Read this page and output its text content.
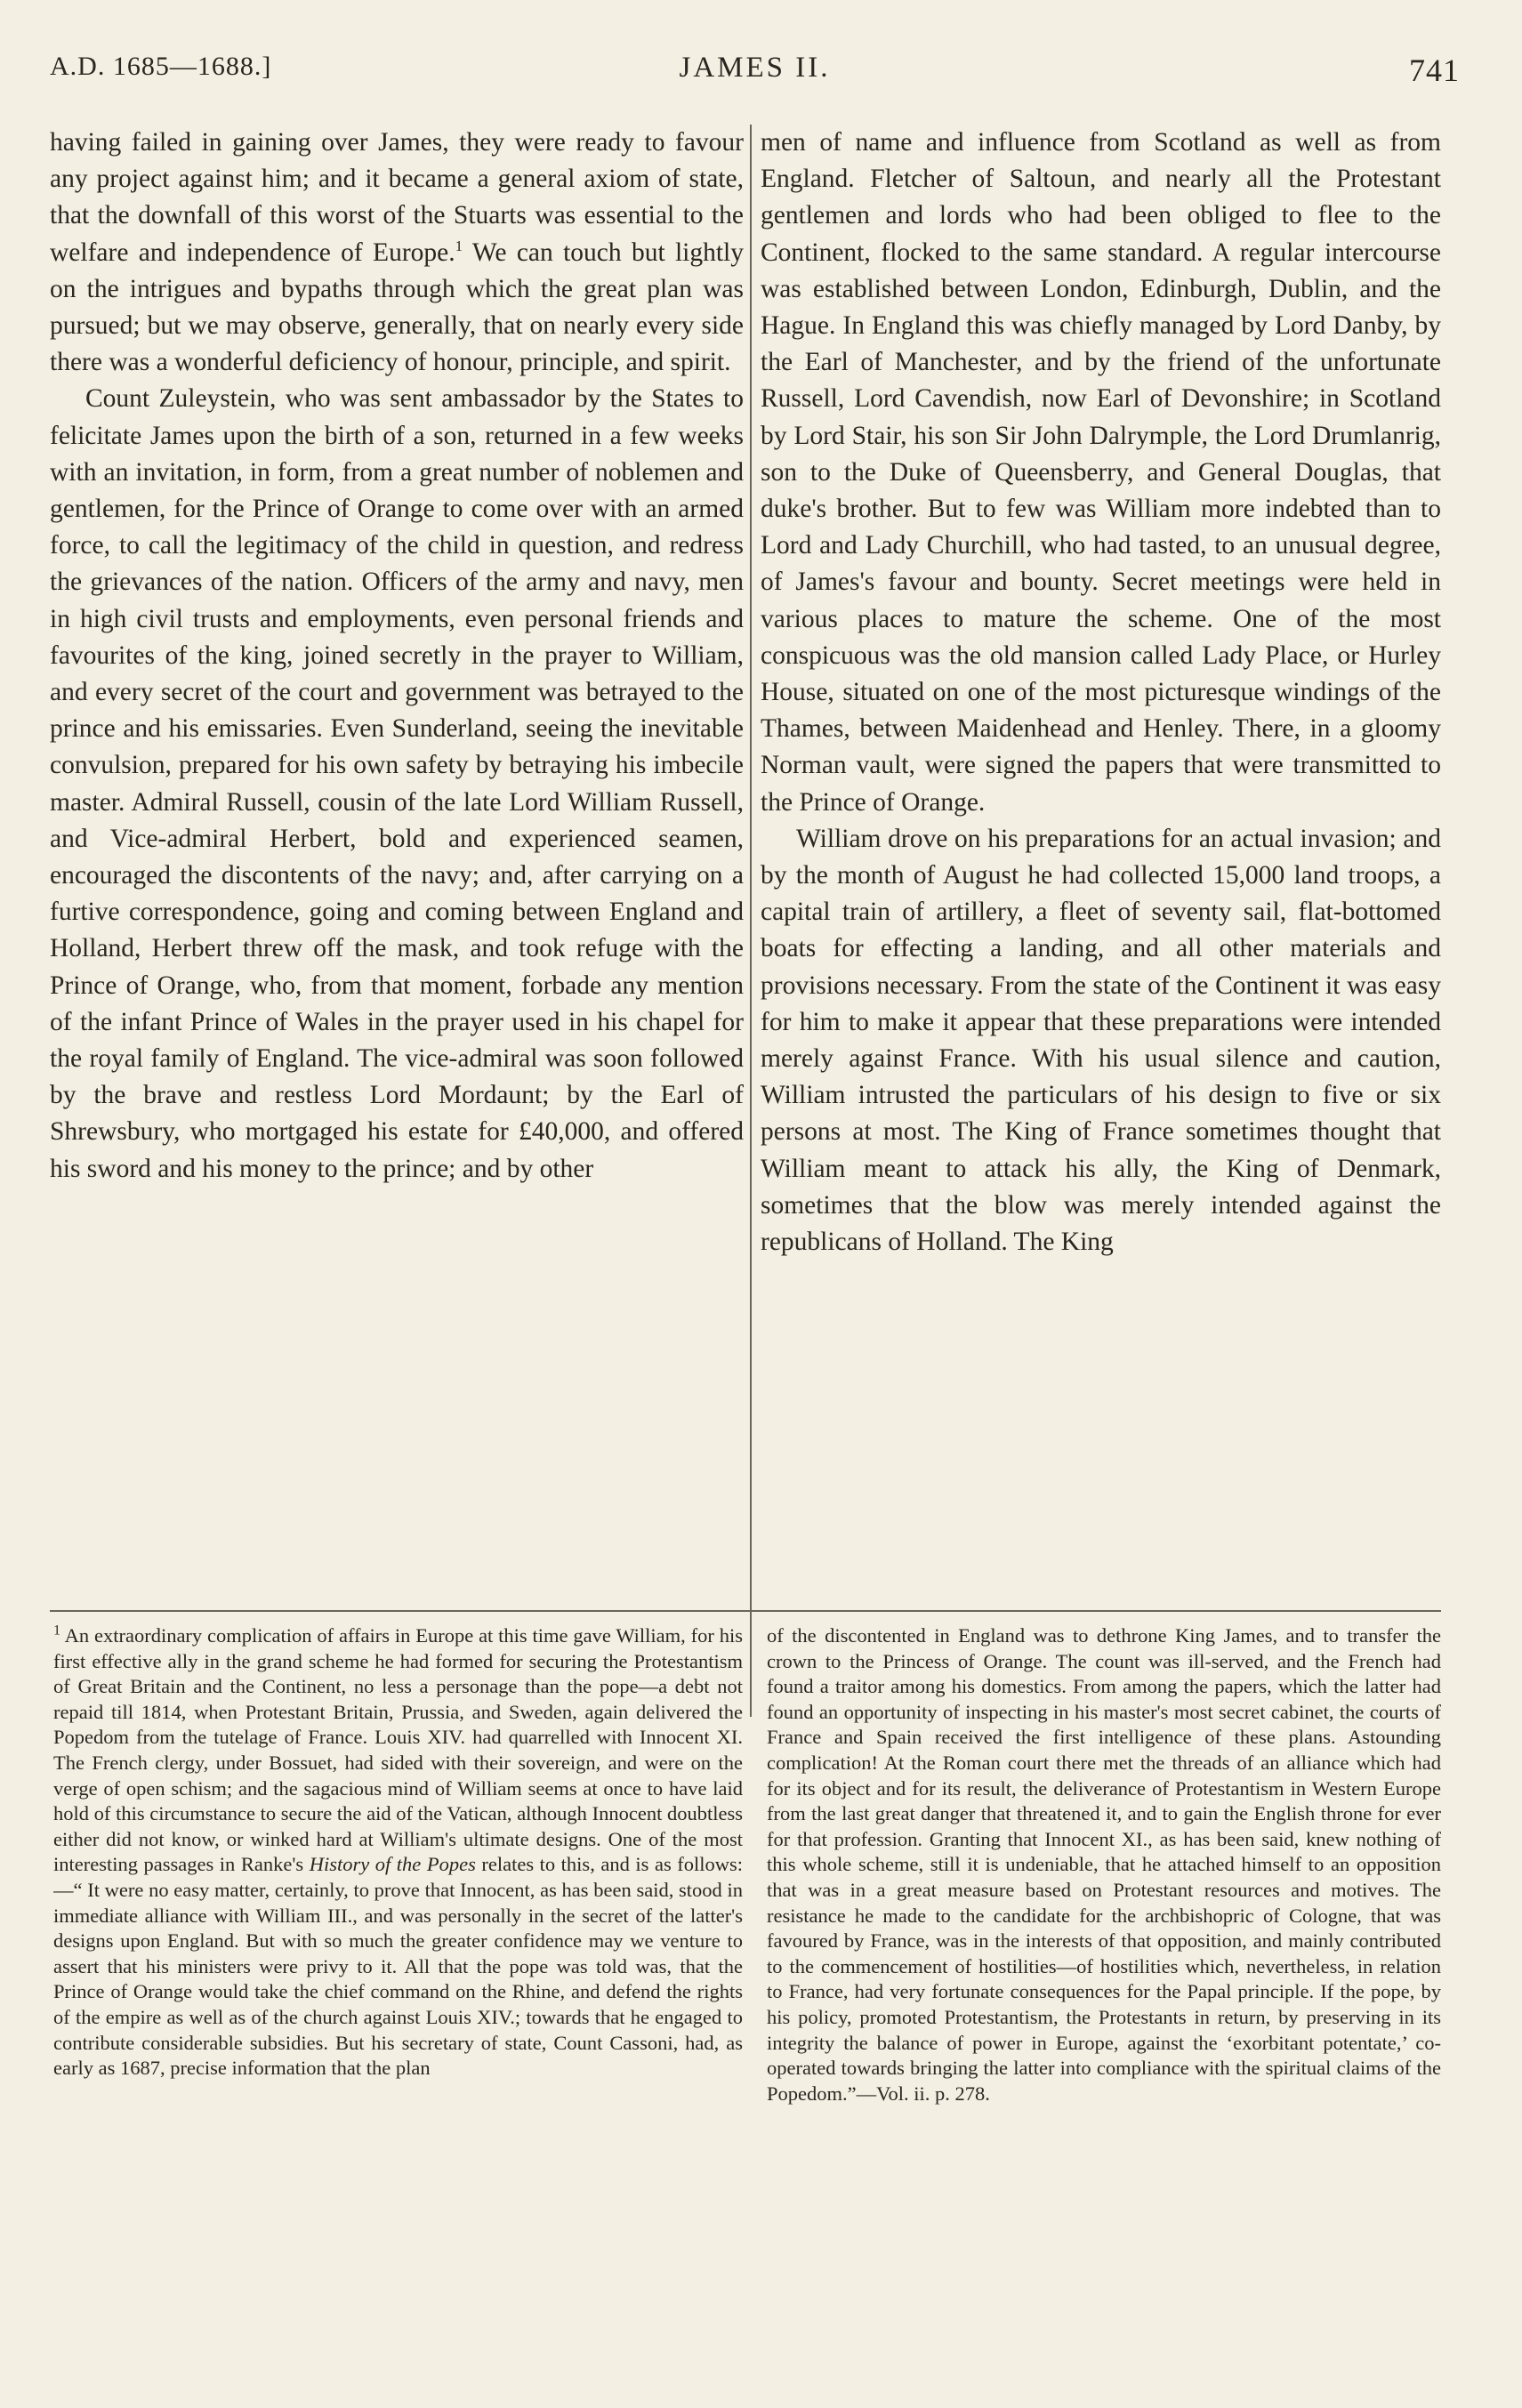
A.D. 1685—1688.]	JAMES II.	741

having failed in gaining over James, they were ready to favour any project against him; and it became a general axiom of state, that the downfall of this worst of the Stuarts was essential to the welfare and independence of Europe.$^1$ We can touch but lightly on the intrigues and bypaths through which the great plan was pursued; but we may observe, generally, that on nearly every side there was a wonderful deficiency of honour, principle, and spirit.

Count Zuleystein, who was sent ambassador by the States to felicitate James upon the birth of a son, returned in a few weeks with an invitation, in form, from a great number of noblemen and gentlemen, for the Prince of Orange to come over with an armed force, to call the legitimacy of the child in question, and redress the grievances of the nation. Officers of the army and navy, men in high civil trusts and employments, even personal friends and favourites of the king, joined secretly in the prayer to William, and every secret of the court and government was betrayed to the prince and his emissaries. Even Sunderland, seeing the inevitable convulsion, prepared for his own safety by betraying his imbecile master. Admiral Russell, cousin of the late Lord William Russell, and Vice-admiral Herbert, bold and experienced seamen, encouraged the discontents of the navy; and, after carrying on a furtive correspondence, going and coming between England and Holland, Herbert threw off the mask, and took refuge with the Prince of Orange, who, from that moment, forbade any mention of the infant Prince of Wales in the prayer used in his chapel for the royal family of England. The vice-admiral was soon followed by the brave and restless Lord Mordaunt; by the Earl of Shrewsbury, who mortgaged his estate for £40,000, and offered his sword and his money to the prince; and by other

men of name and influence from Scotland as well as from England. Fletcher of Saltoun, and nearly all the Protestant gentlemen and lords who had been obliged to flee to the Continent, flocked to the same standard. A regular intercourse was established between London, Edinburgh, Dublin, and the Hague. In England this was chiefly managed by Lord Danby, by the Earl of Manchester, and by the friend of the unfortunate Russell, Lord Cavendish, now Earl of Devonshire; in Scotland by Lord Stair, his son Sir John Dalrymple, the Lord Drumlanrig, son to the Duke of Queensberry, and General Douglas, that duke's brother. But to few was William more indebted than to Lord and Lady Churchill, who had tasted, to an unusual degree, of James's favour and bounty. Secret meetings were held in various places to mature the scheme. One of the most conspicuous was the old mansion called Lady Place, or Hurley House, situated on one of the most picturesque windings of the Thames, between Maidenhead and Henley. There, in a gloomy Norman vault, were signed the papers that were transmitted to the Prince of Orange.

William drove on his preparations for an actual invasion; and by the month of August he had collected 15,000 land troops, a capital train of artillery, a fleet of seventy sail, flat-bottomed boats for effecting a landing, and all other materials and provisions necessary. From the state of the Continent it was easy for him to make it appear that these preparations were intended merely against France. With his usual silence and caution, William intrusted the particulars of his design to five or six persons at most. The King of France sometimes thought that William meant to attack his ally, the King of Denmark, sometimes that the blow was merely intended against the republicans of Holland. The King

$^1$ An extraordinary complication of affairs in Europe at this time gave William, for his first effective ally in the grand scheme he had formed for securing the Protestantism of Great Britain and the Continent, no less a personage than the pope—a debt not repaid till 1814, when Protestant Britain, Prussia, and Sweden, again delivered the Popedom from the tutelage of France. Louis XIV. had quarrelled with Innocent XI. The French clergy, under Bossuet, had sided with their sovereign, and were on the verge of open schism; and the sagacious mind of William seems at once to have laid hold of this circumstance to secure the aid of the Vatican, although Innocent doubtless either did not know, or winked hard at William's ultimate designs. One of the most interesting passages in Ranke's History of the Popes relates to this, and is as follows:—“ It were no easy matter, certainly, to prove that Innocent, as has been said, stood in immediate alliance with William III., and was personally in the secret of the latter's designs upon England. But with so much the greater confidence may we venture to assert that his ministers were privy to it. All that the pope was told was, that the Prince of Orange would take the chief command on the Rhine, and defend the rights of the empire as well as of the church against Louis XIV.; towards that he engaged to contribute considerable subsidies. But his secretary of state, Count Cassoni, had, as early as 1687, precise information that the plan

of the discontented in England was to dethrone King James, and to transfer the crown to the Princess of Orange. The count was ill-served, and the French had found a traitor among his domestics. From among the papers, which the latter had found an opportunity of inspecting in his master's most secret cabinet, the courts of France and Spain received the first intelligence of these plans. Astounding complication! At the Roman court there met the threads of an alliance which had for its object and for its result, the deliverance of Protestantism in Western Europe from the last great danger that threatened it, and to gain the English throne for ever for that profession. Granting that Innocent XI., as has been said, knew nothing of this whole scheme, still it is undeniable, that he attached himself to an opposition that was in a great measure based on Protestant resources and motives. The resistance he made to the candidate for the archbishopric of Cologne, that was favoured by France, was in the interests of that opposition, and mainly contributed to the commencement of hostilities—of hostilities which, nevertheless, in relation to France, had very fortunate consequences for the Papal principle. If the pope, by his policy, promoted Protestantism, the Protestants in return, by preserving in its integrity the balance of power in Europe, against the ‘exorbitant potentate,’ co-operated towards bringing the latter into compliance with the spiritual claims of the Popedom.”—Vol. ii. p. 278.
